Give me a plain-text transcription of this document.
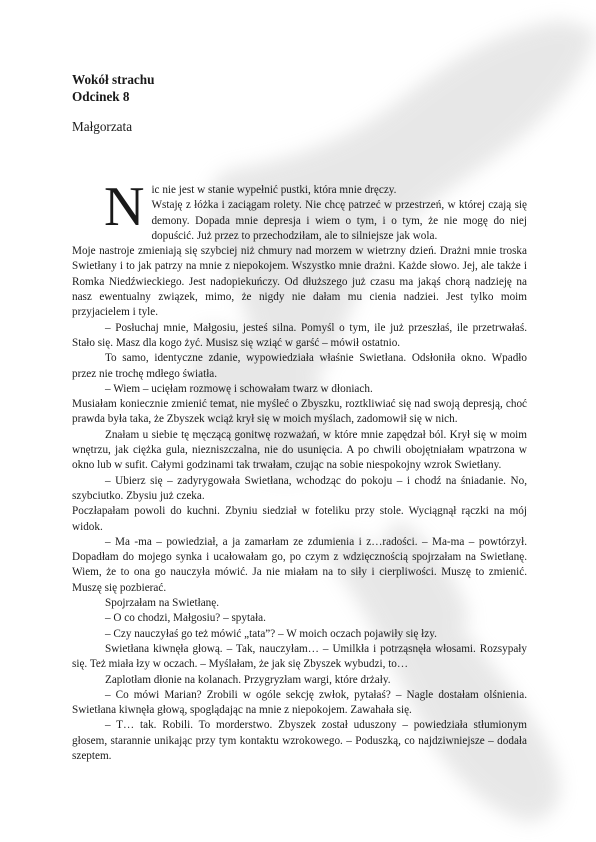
Wokół strachu

Odcinek 8

Małgorzata

N ic nie jest w stanie wypełnić pustki, która mnie dręczy.

Wstaję z łóżka i zaciągam rolety. Nie chcę patrzeć w przestrzeń, w której czają się demony. Dopada mnie depresja i wiem o tym, i o tym, że nie mogę do niej dopuścić. Już przez to przechodziłam, ale to silniejsze jak wola.

Moje nastroje zmieniają się szybciej niż chmury nad morzem w wietrzny dzień. Drażni mnie troska Swietłany i to jak patrzy na mnie z niepokojem. Wszystko mnie drażni. Każde słowo. Jej, ale także i Romka Niedźwieckiego. Jest nadopiekuńczy. Od dłuższego już czasu ma jakąś chorą nadzieję na nasz ewentualny związek, mimo, że nigdy nie dałam mu cienia nadziei. Jest tylko moim przyjacielem i tyle.

– Posłuchaj mnie, Małgosiu, jesteś silna. Pomyśl o tym, ile już przeszłaś, ile przetrwałaś. Stało się. Masz dla kogo żyć. Musisz się wziąć w garść – mówił ostatnio.

To samo, identyczne zdanie, wypowiedziała właśnie Swietłana. Odsłoniła okno. Wpadło przez nie trochę mdłego światła.

– Wiem – ucięłam rozmowę i schowałam twarz w dłoniach.

Musiałam koniecznie zmienić temat, nie myśleć o Zbyszku, roztkliwiać się nad swoją depresją, choć prawda była taka, że Zbyszek wciąż krył się w moich myślach, zadomowił się w nich.

Znałam u siebie tę męczącą gonitwę rozważań, w które mnie zapędzał ból. Krył się w moim wnętrzu, jak ciężka gula, niezniszczalna, nie do usunięcia. A po chwili obojętniałam wpatrzona w okno lub w sufit. Całymi godzinami tak trwałam, czując na sobie niespokojny wzrok Swietłany.

– Ubierz się – zadyrygowała Swietłana, wchodząc do pokoju – i chodź na śniadanie. No, szybciutko. Zbysiu już czeka.

Poczłapałam powoli do kuchni. Zbyniu siedział w foteliku przy stole. Wyciągnął rączki na mój widok.

– Ma -ma – powiedział, a ja zamarłam ze zdumienia i z…radości. – Ma-ma – powtórzył. Dopadłam do mojego synka i ucałowałam go, po czym z wdzięcznością spojrzałam na Swietłanę. Wiem, że to ona go nauczyła mówić. Ja nie miałam na to siły i cierpliwości. Muszę to zmienić. Muszę się pozbierać.

Spojrzałam na Swietłanę.

– O co chodzi, Małgosiu? – spytała.

– Czy nauczyłaś go też mówić „tata”? – W moich oczach pojawiły się łzy.

Swietłana kiwnęła głową. – Tak, nauczyłam… – Umilkła i potrząsnęła włosami. Rozsypały się. Też miała łzy w oczach. – Myślałam, że jak się Zbyszek wybudzi, to…

Zaplotłam dłonie na kolanach. Przygryzłam wargi, które drżały.

– Co mówi Marian? Zrobili w ogóle sekcję zwłok, pytałaś? – Nagle dostałam olśnienia. Swietłana kiwnęła głową, spoglądając na mnie z niepokojem. Zawahała się.

– T… tak. Robili. To morderstwo. Zbyszek został uduszony – powiedziała stłumionym głosem, starannie unikając przy tym kontaktu wzrokowego. – Poduszką, co najdziwniejsze – dodała szeptem.
